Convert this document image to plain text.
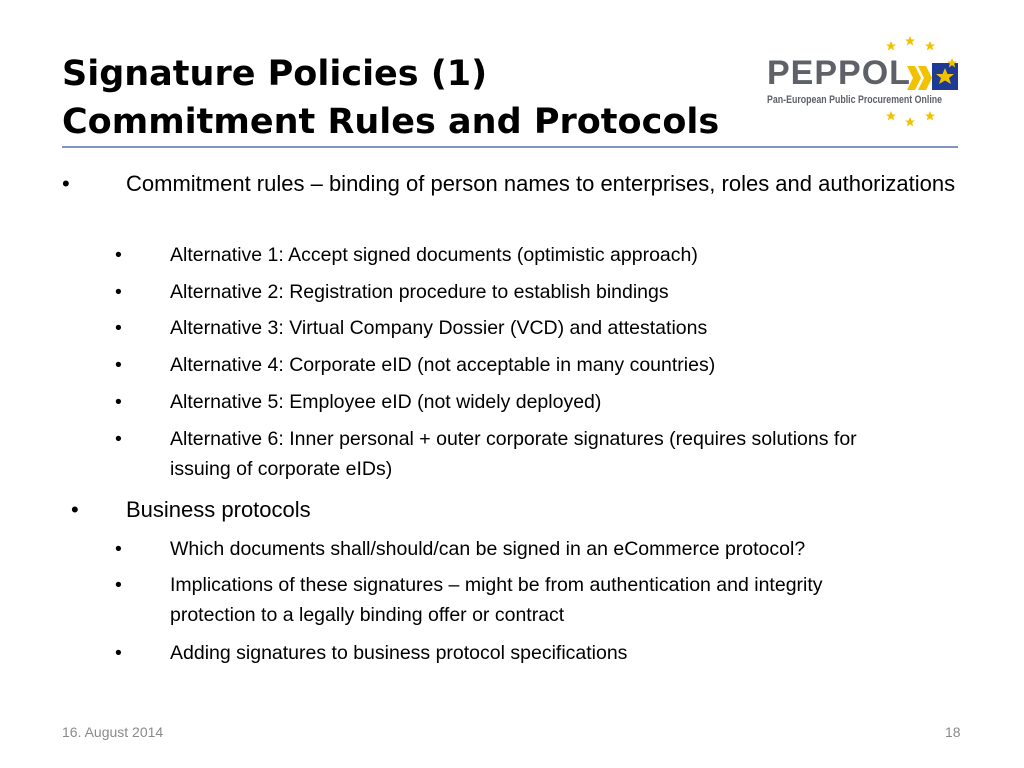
Signature Policies (1)
Commitment Rules and Protocols
PEPPOL
Pan-European Public Procurement Online
•	Commitment rules – binding of person names to enterprises, roles and authorizations
• Alternative 1: Accept signed documents (optimistic approach)
• Alternative 2: Registration procedure to establish bindings
• Alternative 3: Virtual Company Dossier (VCD) and attestations
• Alternative 4: Corporate eID (not acceptable in many countries)
• Alternative 5: Employee eID (not widely deployed)
• Alternative 6: Inner personal + outer corporate signatures (requires solutions for issuing of corporate eIDs)
• Business protocols
• Which documents shall/should/can be signed in an eCommerce protocol?
• Implications of these signatures – might be from authentication and integrity protection to a legally binding offer or contract
• Adding signatures to business protocol specifications
16. August 2014	18
